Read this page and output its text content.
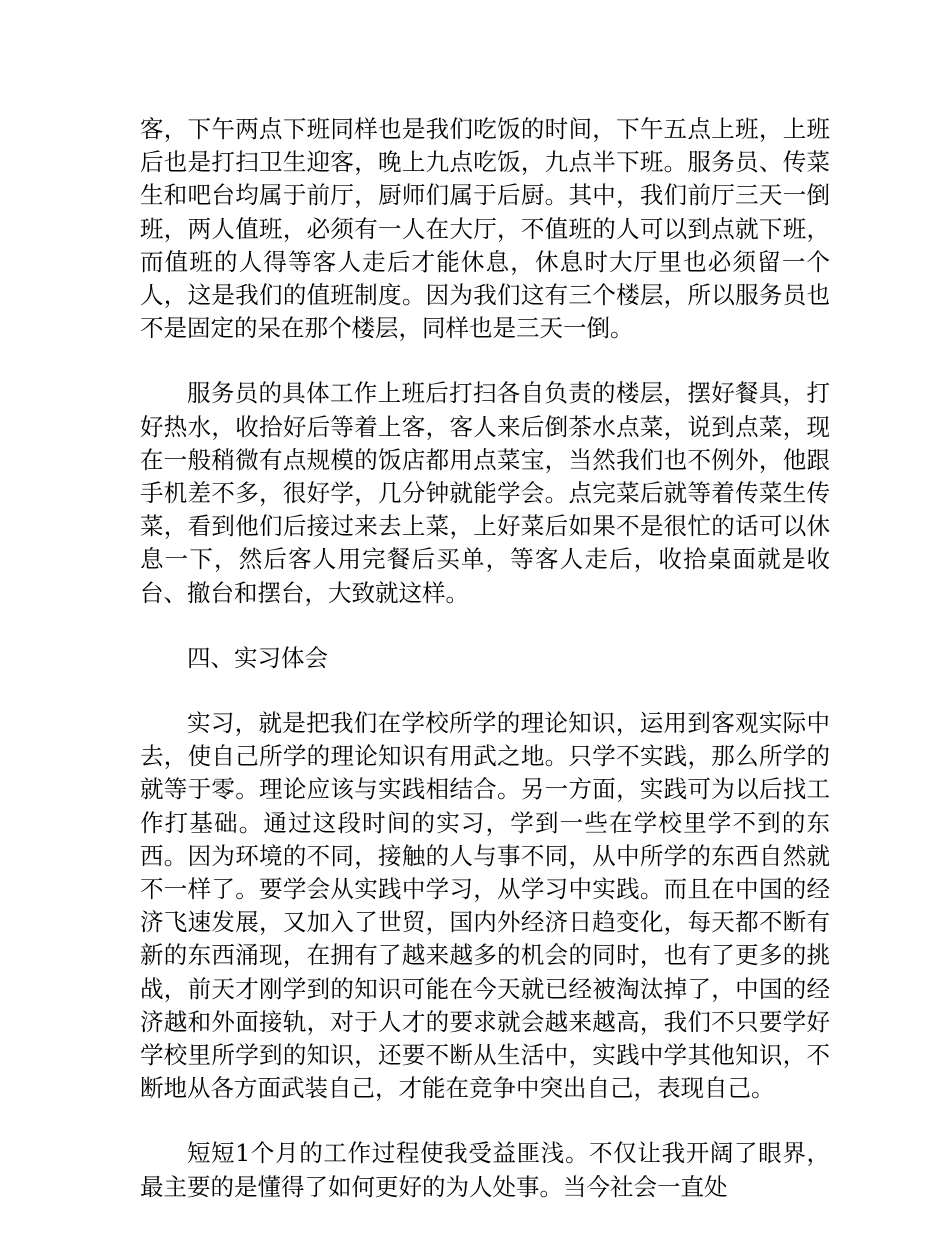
客，下午两点下班同样也是我们吃饭的时间，下午五点上班，上班后也是打扫卫生迎客，晚上九点吃饭，九点半下班。服务员、传菜生和吧台均属于前厅，厨师们属于后厨。其中，我们前厅三天一倒班，两人值班，必须有一人在大厅，不值班的人可以到点就下班，而值班的人得等客人走后才能休息，休息时大厅里也必须留一个人，这是我们的值班制度。因为我们这有三个楼层，所以服务员也不是固定的呆在那个楼层，同样也是三天一倒。

服务员的具体工作上班后打扫各自负责的楼层，摆好餐具，打好热水，收拾好后等着上客，客人来后倒茶水点菜，说到点菜，现在一般稍微有点规模的饭店都用点菜宝，当然我们也不例外，他跟手机差不多，很好学，几分钟就能学会。点完菜后就等着传菜生传菜，看到他们后接过来去上菜，上好菜后如果不是很忙的话可以休息一下，然后客人用完餐后买单，等客人走后，收拾桌面就是收台、撤台和摆台，大致就这样。

四、实习体会

实习，就是把我们在学校所学的理论知识，运用到客观实际中去，使自己所学的理论知识有用武之地。只学不实践，那么所学的就等于零。理论应该与实践相结合。另一方面，实践可为以后找工作打基础。通过这段时间的实习，学到一些在学校里学不到的东西。因为环境的不同，接触的人与事不同，从中所学的东西自然就不一样了。要学会从实践中学习，从学习中实践。而且在中国的经济飞速发展，又加入了世贸，国内外经济日趋变化，每天都不断有新的东西涌现，在拥有了越来越多的机会的同时，也有了更多的挑战，前天才刚学到的知识可能在今天就已经被淘汰掉了，中国的经济越和外面接轨，对于人才的要求就会越来越高，我们不只要学好学校里所学到的知识，还要不断从生活中，实践中学其他知识，不断地从各方面武装自己，才能在竞争中突出自己，表现自己。

短短1个月的工作过程使我受益匪浅。不仅让我开阔了眼界，最主要的是懂得了如何更好的为人处事。当今社会一直处
